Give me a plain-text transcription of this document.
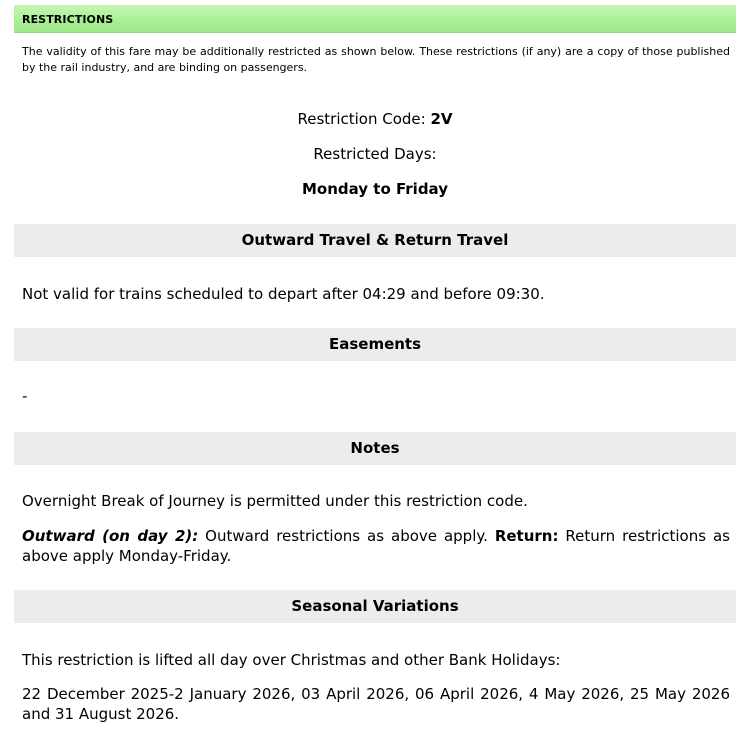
RESTRICTIONS
The validity of this fare may be additionally restricted as shown below. These restrictions (if any) are a copy of those published by the rail industry, and are binding on passengers.
Restriction Code: 2V
Restricted Days:
Monday to Friday
Outward Travel & Return Travel
Not valid for trains scheduled to depart after 04:29 and before 09:30.
Easements
-
Notes
Overnight Break of Journey is permitted under this restriction code.
Outward (on day 2): Outward restrictions as above apply. Return: Return restrictions as above apply Monday-Friday.
Seasonal Variations
This restriction is lifted all day over Christmas and other Bank Holidays:
22 December 2025-2 January 2026, 03 April 2026, 06 April 2026, 4 May 2026, 25 May 2026 and 31 August 2026.
